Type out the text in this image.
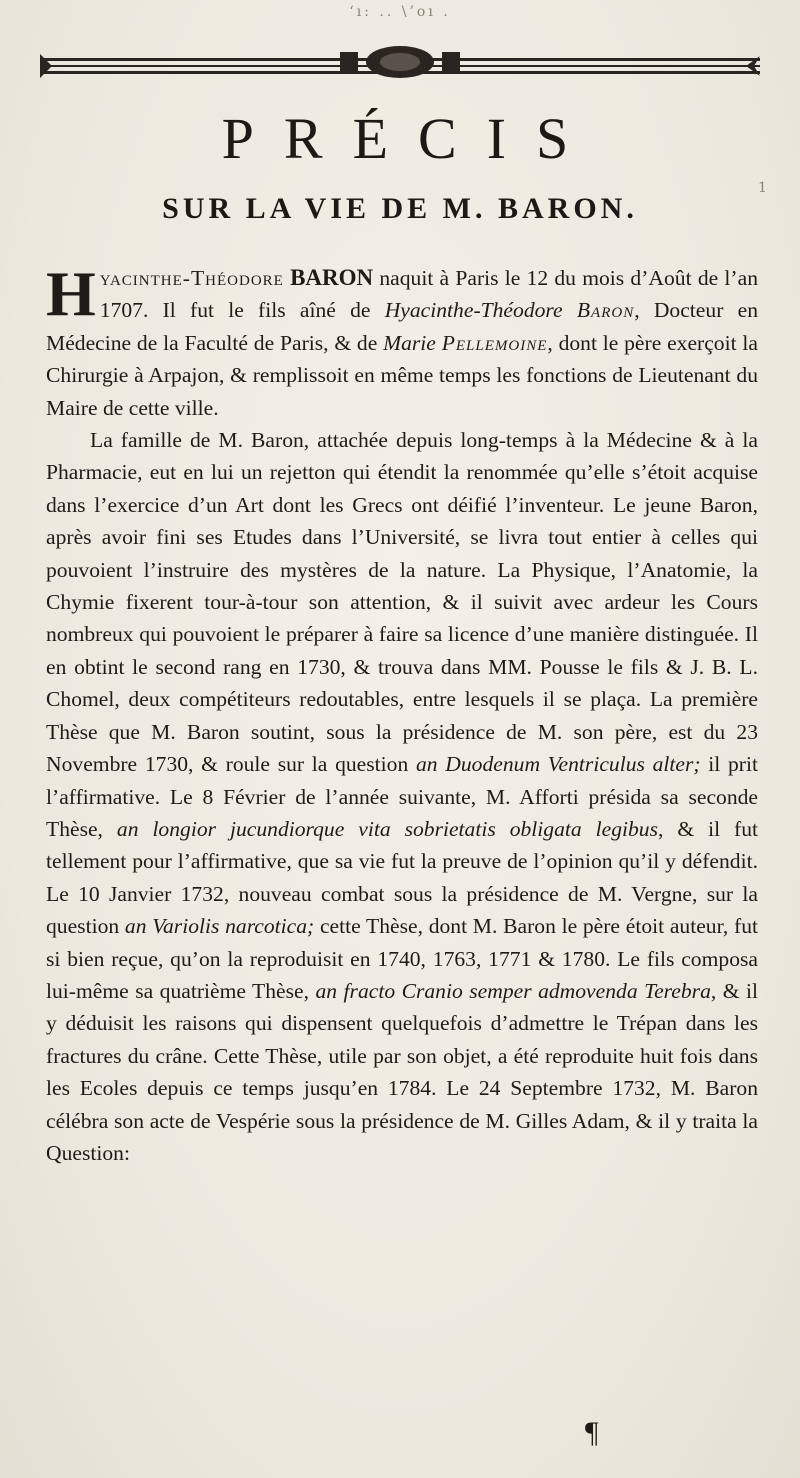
‘ı: .. \’oı .
PRÉCIS
SUR LA VIE DE M. BARON.
1

Hyacinthe-Théodore BARON naquit à Paris le 12 du mois d’Août de l’an 1707. Il fut le fils aîné de Hyacinthe-Théodore Baron, Docteur en Médecine de la Faculté de Paris, & de Marie Pellemoine, dont le père exerçoit la Chirurgie à Arpajon, & remplissoit en même temps les fonctions de Lieutenant du Maire de cette ville.

La famille de M. Baron, attachée depuis long-temps à la Médecine & à la Pharmacie, eut en lui un rejetton qui étendit la renommée qu’elle s’étoit acquise dans l’exercice d’un Art dont les Grecs ont déifié l’inventeur. Le jeune Baron, après avoir fini ses Etudes dans l’Université, se livra tout entier à celles qui pouvoient l’instruire des mystères de la nature. La Physique, l’Anatomie, la Chymie fixerent tour-à-tour son attention, & il suivit avec ardeur les Cours nombreux qui pouvoient le préparer à faire sa licence d’une manière distinguée. Il en obtint le second rang en 1730, & trouva dans MM. Pousse le fils & J. B. L. Chomel, deux compétiteurs redoutables, entre lesquels il se plaça. La première Thèse que M. Baron soutint, sous la présidence de M. son père, est du 23 Novembre 1730, & roule sur la question an Duodenum Ventriculus alter; il prit l’affirmative. Le 8 Février de l’année suivante, M. Afforti présida sa seconde Thèse, an longior jucundiorque vita sobrietatis obligata legibus, & il fut tellement pour l’affirmative, que sa vie fut la preuve de l’opinion qu’il y défendit. Le 10 Janvier 1732, nouveau combat sous la présidence de M. Vergne, sur la question an Variolis narcotica; cette Thèse, dont M. Baron le père étoit auteur, fut si bien reçue, qu’on la reproduisit en 1740, 1763, 1771 & 1780. Le fils composa lui-même sa quatrième Thèse, an fracto Cranio semper admovenda Terebra, & il y déduisit les raisons qui dispensent quelquefois d’admettre le Trépan dans les fractures du crâne. Cette Thèse, utile par son objet, a été reproduite huit fois dans les Ecoles depuis ce temps jusqu’en 1784. Le 24 Septembre 1732, M. Baron célébra son acte de Vespérie sous la présidence de M. Gilles Adam, & il y traita la Question:

¶
